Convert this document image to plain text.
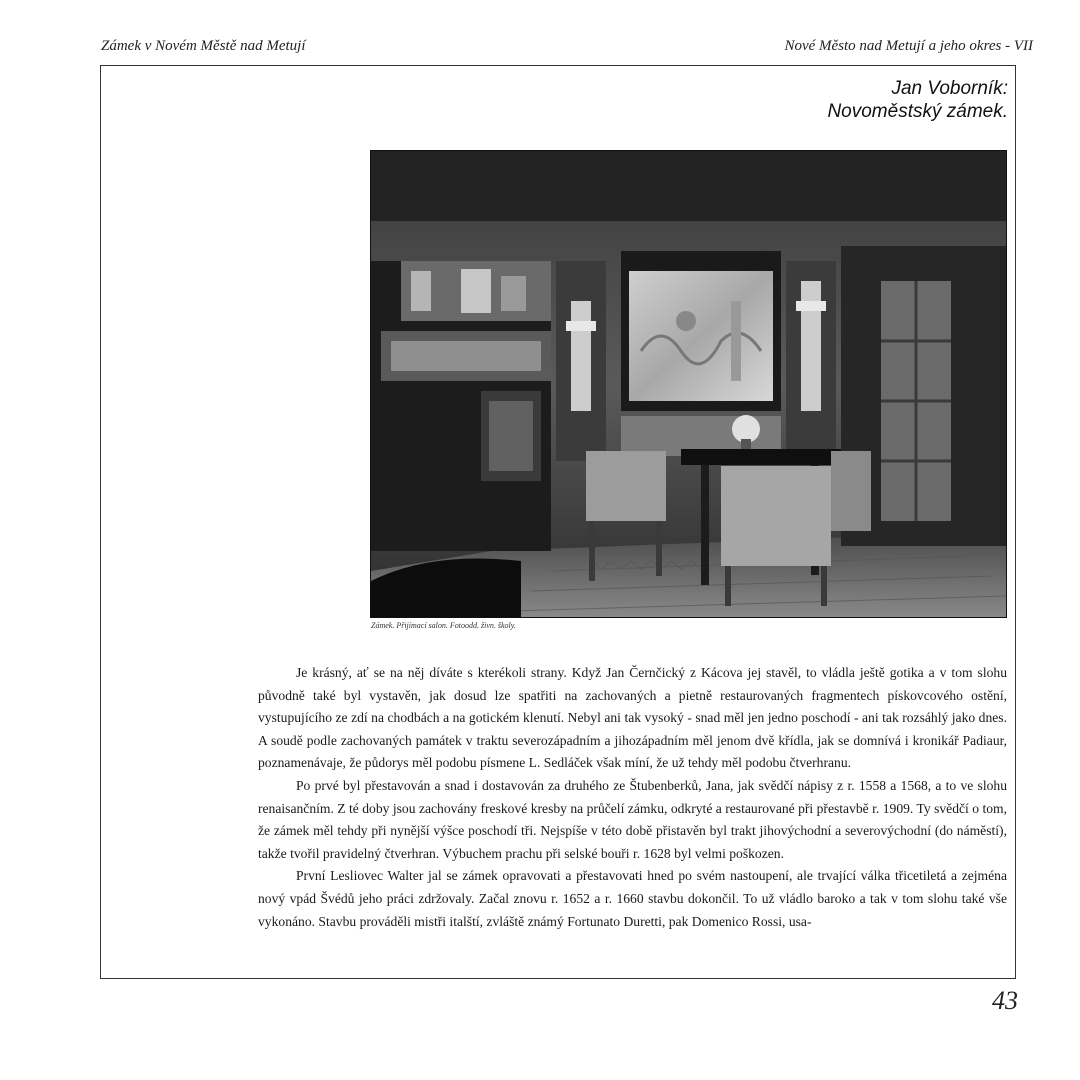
Zámek v Novém Městě nad Metují	Nové Město nad Metují a jeho okres - VII
Jan Voborník:
Novoměstský zámek.
Zámek. Přijímací salon. Fotoodd. živn. školy.

Je krásný, ať se na něj díváte s kterékoli strany. Když Jan Černčický z Kácova jej stavěl, to vládla ještě gotika a v tom slohu původně také byl vystavěn, jak dosud lze spatřiti na zachovaných a pietně restaurovaných fragmentech pískovcového ostění, vystupujícího ze zdí na chodbách a na gotickém klenutí. Nebyl ani tak vysoký - snad měl jen jedno poschodí - ani tak rozsáhlý jako dnes. A soudě podle zachovaných památek v traktu severozápadním a jihozápadním měl jenom dvě křídla, jak se domnívá i kronikář Padiaur, poznamenávaje, že půdorys měl podobu písmene L. Sedláček však míní, že už tehdy měl podobu čtverhranu.

Po prvé byl přestavován a snad i dostavován za druhého ze Štubenberků, Jana, jak svědčí nápisy z r. 1558 a 1568, a to ve slohu renaisančním. Z té doby jsou zachovány freskové kresby na průčelí zámku, odkryté a restaurované při přestavbě r. 1909. Ty svědčí o tom, že zámek měl tehdy při nynější výšce poschodí tři. Nejspíše v této době přistavěn byl trakt jihovýchodní a severovýchodní (do náměstí), takže tvořil pravidelný čtverhran. Výbuchem prachu při selské bouři r. 1628 byl velmi poškozen.

První Lesliovec Walter jal se zámek opravovati a přestavovati hned po svém nastoupení, ale trvající válka třicetiletá a zejména nový vpád Švédů jeho práci zdržovaly. Začal znovu r. 1652 a r. 1660 stavbu dokončil. To už vládlo baroko a tak v tom slohu také vše vykonáno. Stavbu prováděli mistři italští, zvláště známý Fortunato Duretti, pak Domenico Rossi, usa-

43
